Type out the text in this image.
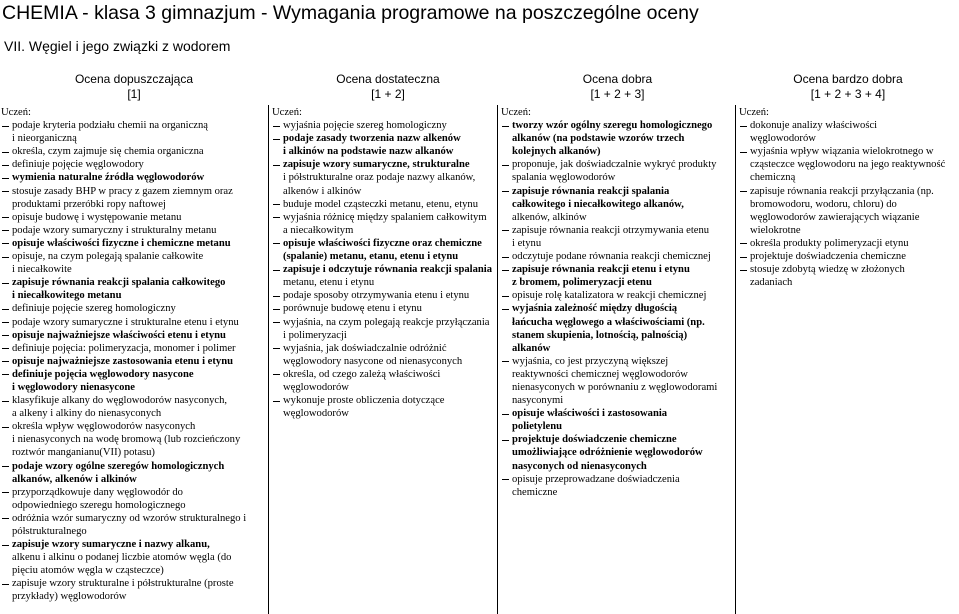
CHEMIA - klasa 3 gimnazjum - Wymagania programowe na poszczególne oceny
VII. Węgiel i jego związki z wodorem
Ocena dopuszczająca
[1]
Uczeń:
podaje kryteria podziału chemii na organiczną
i nieorganiczną
określa, czym zajmuje się chemia organiczna
definiuje pojęcie węglowodory
wymienia naturalne źródła węglowodorów
stosuje zasady BHP w pracy z gazem ziemnym oraz
produktami przeróbki ropy naftowej
opisuje budowę i występowanie metanu
podaje wzory sumaryczny i strukturalny metanu
opisuje właściwości fizyczne i chemiczne metanu
opisuje, na czym polegają spalanie całkowite
i niecałkowite
zapisuje równania reakcji spalania całkowitego
i niecałkowitego metanu
definiuje pojęcie szereg homologiczny
podaje wzory sumaryczne i strukturalne etenu i etynu
opisuje najważniejsze właściwości etenu i etynu
definiuje pojęcia: polimeryzacja, monomer i polimer
opisuje najważniejsze zastosowania etenu i etynu
definiuje pojęcia węglowodory nasycone
i węglowodory nienasycone
klasyfikuje alkany do węglowodorów nasyconych,
a alkeny i alkiny do nienasyconych
określa wpływ węglowodorów nasyconych
i nienasyconych na wodę bromową (lub rozcieńczony
roztwór manganianu(VII) potasu)
podaje wzory ogólne szeregów homologicznych
alkanów, alkenów i alkinów
przyporządkowuje dany węglowodór do
odpowiedniego szeregu homologicznego
odróżnia wzór sumaryczny od wzorów strukturalnego i
półstrukturalnego
zapisuje wzory sumaryczne i nazwy alkanu,
alkenu i alkinu o podanej liczbie atomów węgla (do
pięciu atomów węgla w cząsteczce)
zapisuje wzory strukturalne i półstrukturalne (proste
przykłady) węglowodorów
Ocena dostateczna
[1 + 2]
Uczeń:
wyjaśnia pojęcie szereg homologiczny
podaje zasady tworzenia nazw alkenów
i alkinów na podstawie nazw alkanów
zapisuje wzory sumaryczne, strukturalne
i półstrukturalne oraz podaje nazwy alkanów,
alkenów i alkinów
buduje model cząsteczki metanu, etenu, etynu
wyjaśnia różnicę między spalaniem całkowitym
a niecałkowitym
opisuje właściwości fizyczne oraz chemiczne
(spalanie) metanu, etanu, etenu i etynu
zapisuje i odczytuje równania reakcji spalania
metanu, etenu i etynu
podaje sposoby otrzymywania etenu i etynu
porównuje budowę etenu i etynu
wyjaśnia, na czym polegają reakcje przyłączania
i polimeryzacji
wyjaśnia, jak doświadczalnie odróżnić
węglowodory nasycone od nienasyconych
określa, od czego zależą właściwości
węglowodorów
wykonuje proste obliczenia dotyczące
węglowodorów
Ocena dobra
[1 + 2 + 3]
Uczeń:
tworzy wzór ogólny szeregu homologicznego
alkanów (na podstawie wzorów trzech
kolejnych alkanów)
proponuje, jak doświadczalnie wykryć produkty
spalania węglowodorów
zapisuje równania reakcji spalania
całkowitego i niecałkowitego alkanów,
alkenów, alkinów
zapisuje równania reakcji otrzymywania etenu
i etynu
odczytuje podane równania reakcji chemicznej
zapisuje równania reakcji etenu i etynu
z bromem, polimeryzacji etenu
opisuje rolę katalizatora w reakcji chemicznej
wyjaśnia zależność między długością
łańcucha węglowego a właściwościami (np.
stanem skupienia, lotnością, palnością)
alkanów
wyjaśnia, co jest przyczyną większej
reaktywności chemicznej węglowodorów
nienasyconych w porównaniu z węglowodorami
nasyconymi
opisuje właściwości i zastosowania
polietylenu
projektuje doświadczenie chemiczne
umożliwiające odróżnienie węglowodorów
nasyconych od nienasyconych
opisuje przeprowadzane doświadczenia
chemiczne
Ocena bardzo dobra
[1 + 2 + 3 + 4]
Uczeń:
dokonuje analizy właściwości
węglowodorów
wyjaśnia wpływ wiązania wielokrotnego w
cząsteczce węglowodoru na jego reaktywność
chemiczną
zapisuje równania reakcji przyłączania (np.
bromowodoru, wodoru, chloru) do
węglowodorów zawierających wiązanie
wielokrotne
określa produkty polimeryzacji etynu
projektuje doświadczenia chemiczne
stosuje zdobytą wiedzę w złożonych
zadaniach
